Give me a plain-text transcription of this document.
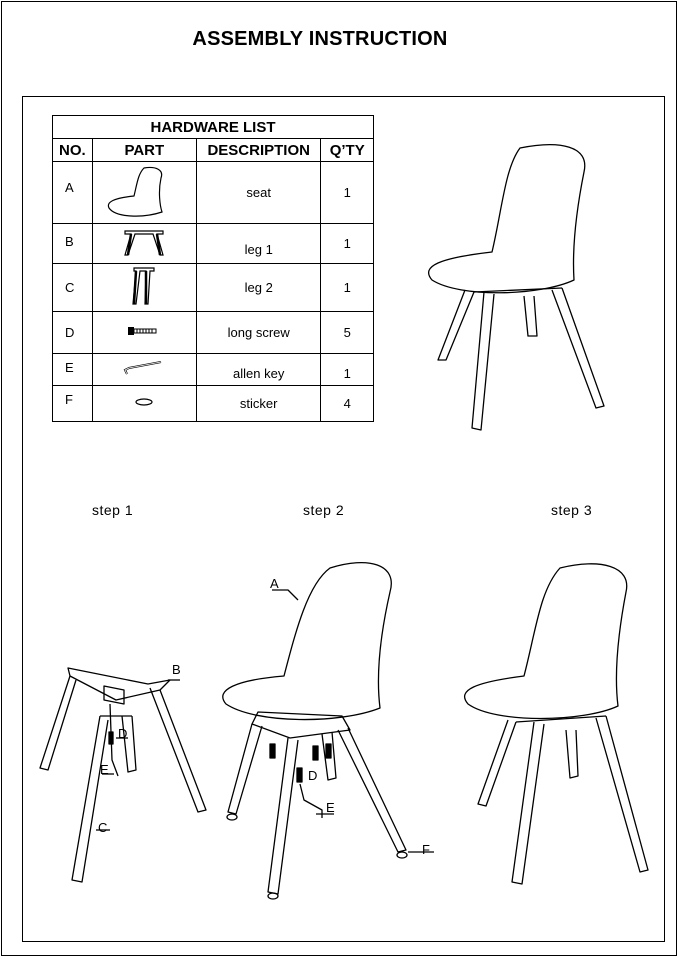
ASSEMBLY INSTRUCTION
HARDWARE LIST			
NO.	PART	DESCRIPTION	Q’TY
A		seat	1
B		leg 1	1
C		leg 2	1
D		long screw	5
E		allen key	1
F		sticker	4
step 1	step 2	step 3
A
B
D
E
C
D
E
F
